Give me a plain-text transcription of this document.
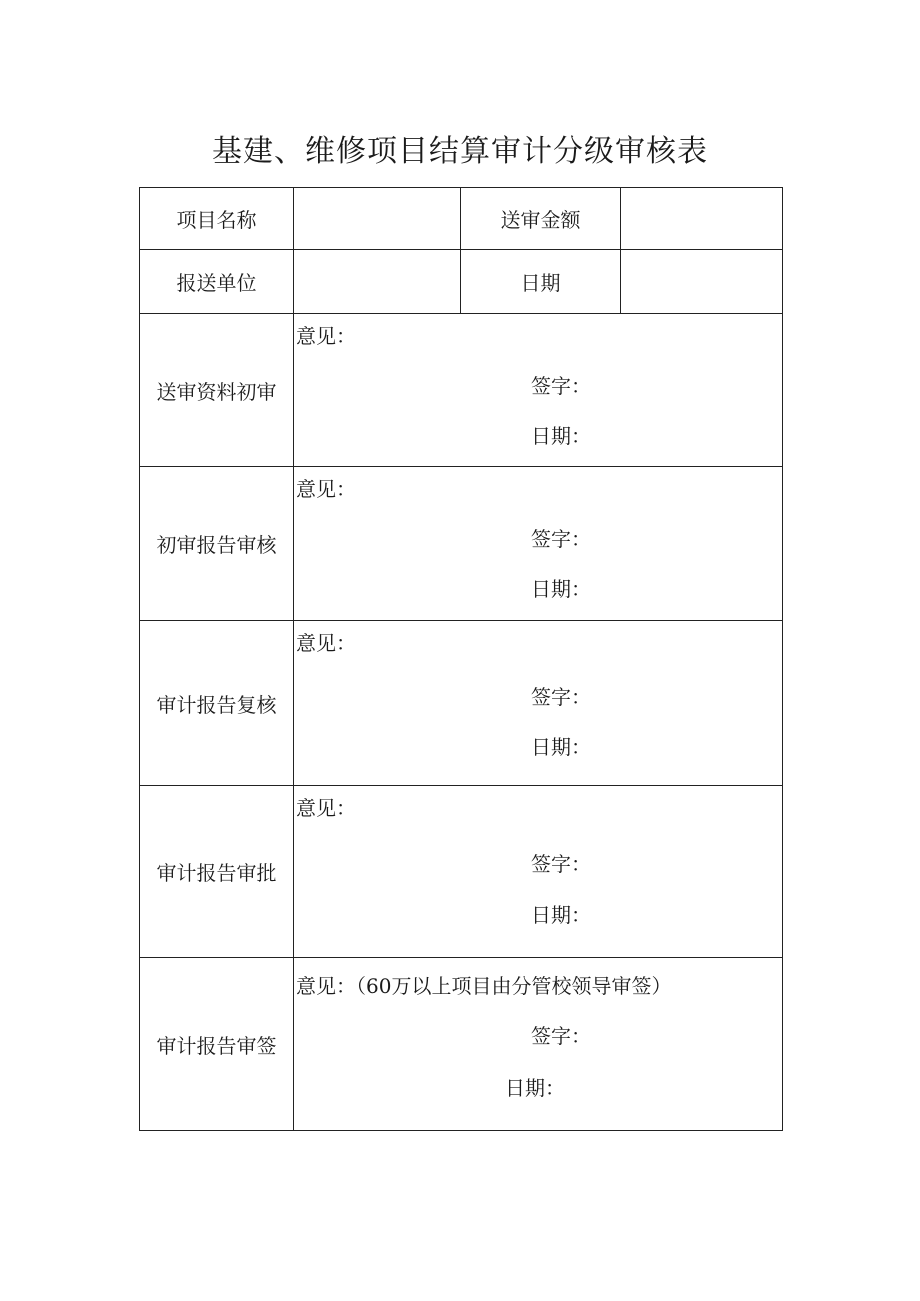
基建、维修项目结算审计分级审核表
项目名称		送审金额	
报送单位		日期	
送审资料初审	意见：
签字：
日期：		

初审报告审核	意见：
签字：
日期：		

审计报告复核	意见：
签字：
日期：		

审计报告审批	意见：
签字：
日期：		

审计报告审签	意见：（60万以上项目由分管校领导审签）
签字：
日期：		
